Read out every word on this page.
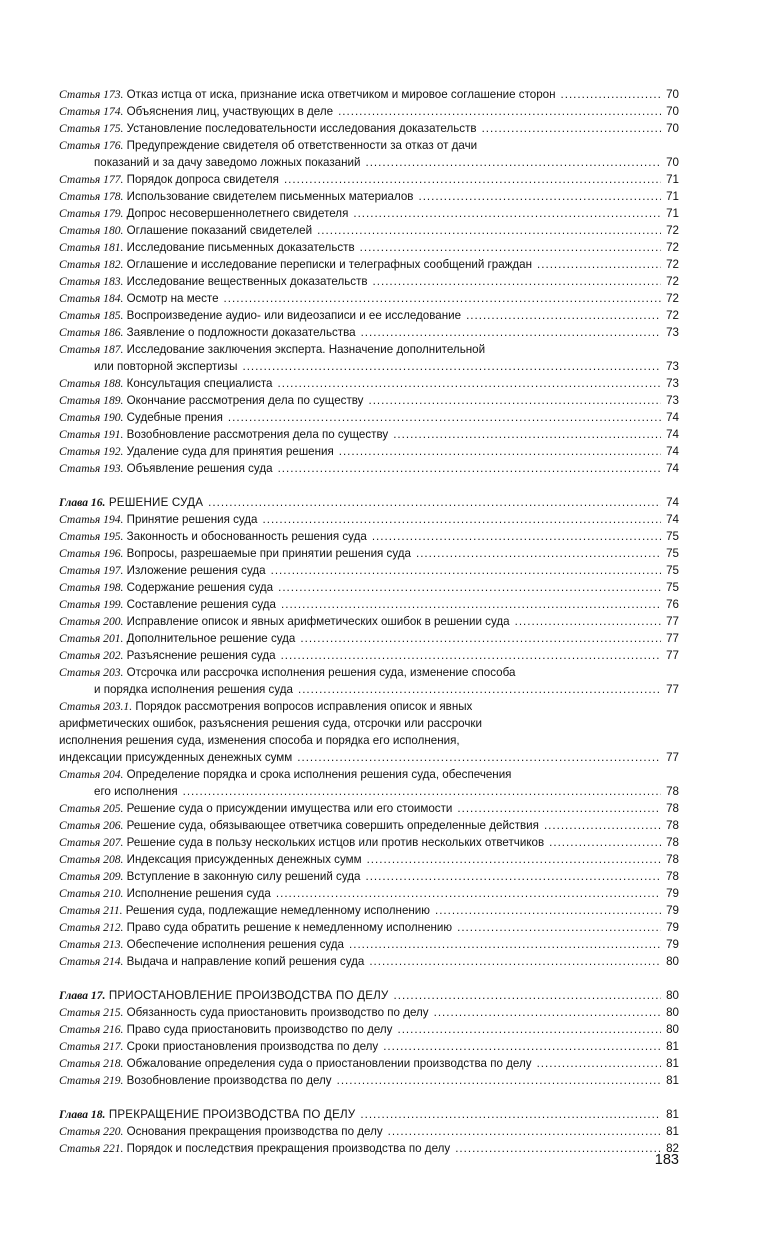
Статья 173. Отказ истца от иска, признание иска ответчиком и мировое соглашение сторон .....	70
Статья 174. Объяснения лиц, участвующих в деле .....	70
Статья 175. Установление последовательности исследования доказательств .....	70
Статья 176. Предупреждение свидетеля об ответственности за отказ от дачи
показаний и за дачу заведомо ложных показаний .....	70
Статья 177. Порядок допроса свидетеля .....	71
Статья 178. Использование свидетелем письменных материалов .....	71
Статья 179. Допрос несовершеннолетнего свидетеля .....	71
Статья 180. Оглашение показаний свидетелей .....	72
Статья 181. Исследование письменных доказательств .....	72
Статья 182. Оглашение и исследование переписки и телеграфных сообщений граждан .....	72
Статья 183. Исследование вещественных доказательств .....	72
Статья 184. Осмотр на месте .....	72
Статья 185. Воспроизведение аудио- или видеозаписи и ее исследование .....	72
Статья 186. Заявление о подложности доказательства .....	73
Статья 187. Исследование заключения эксперта. Назначение дополнительной
или повторной экспертизы .....	73
Статья 188. Консультация специалиста .....	73
Статья 189. Окончание рассмотрения дела по существу .....	73
Статья 190. Судебные прения .....	74
Статья 191. Возобновление рассмотрения дела по существу .....	74
Статья 192. Удаление суда для принятия решения .....	74
Статья 193. Объявление решения суда .....	74
Глава 16. РЕШЕНИЕ СУДА .....	74
Статья 194. Принятие решения суда .....	74
Статья 195. Законность и обоснованность решения суда .....	75
Статья 196. Вопросы, разрешаемые при принятии решения суда .....	75
Статья 197. Изложение решения суда .....	75
Статья 198. Содержание решения суда .....	75
Статья 199. Составление решения суда .....	76
Статья 200. Исправление описок и явных арифметических ошибок в решении суда .....	77
Статья 201. Дополнительное решение суда .....	77
Статья 202. Разъяснение решения суда .....	77
Статья 203. Отсрочка или рассрочка исполнения решения суда, изменение способа
и порядка исполнения решения суда .....	77
Статья 203.1. Порядок рассмотрения вопросов исправления описок и явных
арифметических ошибок, разъяснения решения суда, отсрочки или рассрочки
исполнения решения суда, изменения способа и порядка его исполнения,
индексации присужденных денежных сумм .....	77
Статья 204. Определение порядка и срока исполнения решения суда, обеспечения
его исполнения .....	78
Статья 205. Решение суда о присуждении имущества или его стоимости .....	78
Статья 206. Решение суда, обязывающее ответчика совершить определенные действия .....	78
Статья 207. Решение суда в пользу нескольких истцов или против нескольких ответчиков .....	78
Статья 208. Индексация присужденных денежных сумм .....	78
Статья 209. Вступление в законную силу решений суда .....	78
Статья 210. Исполнение решения суда .....	79
Статья 211. Решения суда, подлежащие немедленному исполнению .....	79
Статья 212. Право суда обратить решение к немедленному исполнению .....	79
Статья 213. Обеспечение исполнения решения суда .....	79
Статья 214. Выдача и направление копий решения суда .....	80
Глава 17. ПРИОСТАНОВЛЕНИЕ ПРОИЗВОДСТВА ПО ДЕЛУ .....	80
Статья 215. Обязанность суда приостановить производство по делу .....	80
Статья 216. Право суда приостановить производство по делу .....	80
Статья 217. Сроки приостановления производства по делу .....	81
Статья 218. Обжалование определения суда о приостановлении производства по делу .....	81
Статья 219. Возобновление производства по делу .....	81
Глава 18. ПРЕКРАЩЕНИЕ ПРОИЗВОДСТВА ПО ДЕЛУ .....	81
Статья 220. Основания прекращения производства по делу .....	81
Статья 221. Порядок и последствия прекращения производства по делу .....	82
183
